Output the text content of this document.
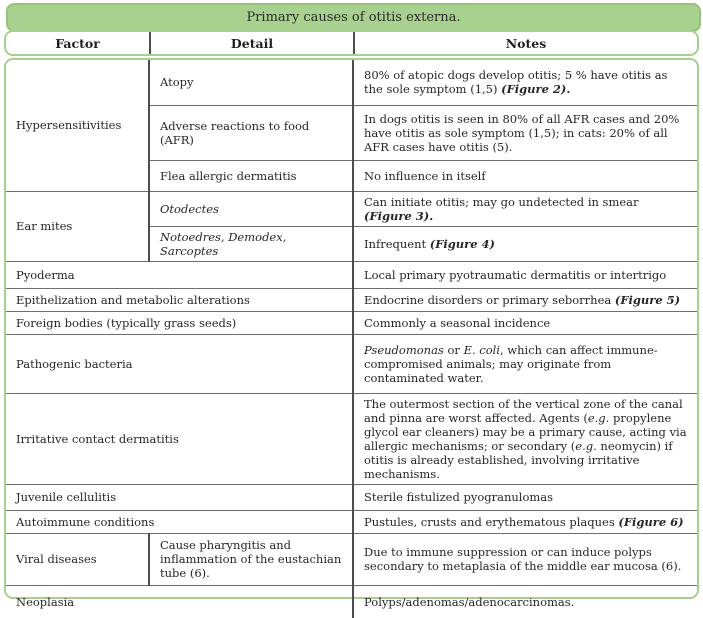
Primary causes of otitis externa.
Factor	Detail	Notes
Hypersensitivities	Atopy	80% of atopic dogs develop otitis; 5 % have otitis as the sole symptom (1,5) (Figure 2).
	Adverse reactions to food (AFR)	In dogs otitis is seen in 80% of all AFR cases and 20% have otitis as sole symptom (1,5); in cats: 20% of all AFR cases have otitis (5).
	Flea allergic dermatitis	No influence in itself
Ear mites	Otodectes	Can initiate otitis; may go undetected in smear (Figure 3).
	Notoedres, Demodex, Sarcoptes	Infrequent (Figure 4)
Pyoderma		Local primary pyotraumatic dermatitis or intertrigo
Epithelization and metabolic alterations		Endocrine disorders or primary seborrhea (Figure 5)
Foreign bodies (typically grass seeds)		Commonly a seasonal incidence
Pathogenic bacteria		Pseudomonas or E. coli, which can affect immune-compromised animals; may originate from contaminated water.
Irritative contact dermatitis		The outermost section of the vertical zone of the canal and pinna are worst affected. Agents (e.g. propylene glycol ear cleaners) may be a primary cause, acting via allergic mechanisms; or secondary (e.g. neomycin) if otitis is already established, involving irritative mechanisms.
Juvenile cellulitis		Sterile fistulized pyogranulomas
Autoimmune conditions		Pustules, crusts and erythematous plaques (Figure 6)
Viral diseases	Cause pharyngitis and inflammation of the eustachian tube (6).	Due to immune suppression or can induce polyps secondary to metaplasia of the middle ear mucosa (6).
Neoplasia		Polyps/adenomas/adenocarcinomas.
